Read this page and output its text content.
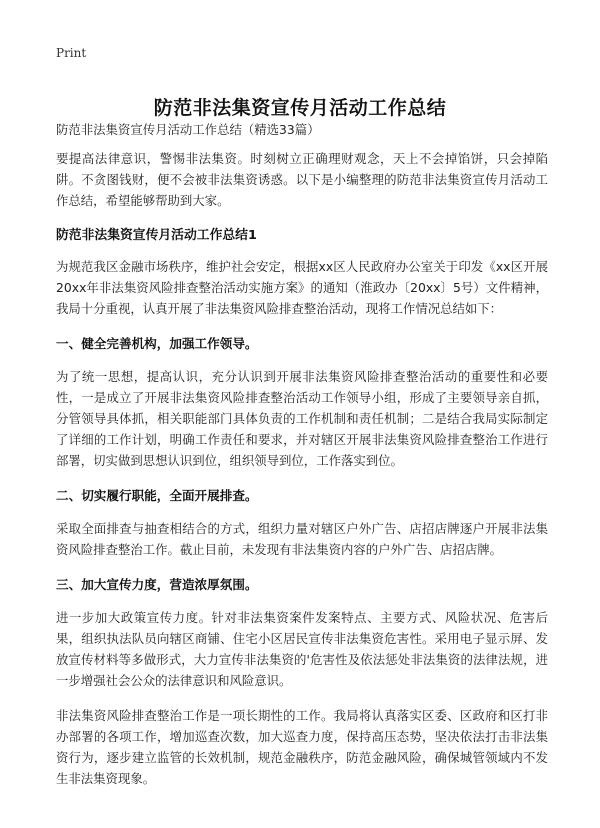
Print
防范非法集资宣传月活动工作总结

防范非法集资宣传月活动工作总结（精选33篇）

要提高法律意识，警惕非法集资。时刻树立正确理财观念，天上不会掉馅饼，只会掉陷阱。不贪图钱财，便不会被非法集资诱惑。以下是小编整理的防范非法集资宣传月活动工作总结，希望能够帮助到大家。

防范非法集资宣传月活动工作总结1

为规范我区金融市场秩序，维护社会安定，根据xx区人民政府办公室关于印发《xx区开展20xx年非法集资风险排查整治活动实施方案》的通知（淮政办〔20xx〕5号）文件精神，我局十分重视，认真开展了非法集资风险排查整治活动，现将工作情况总结如下：

一、健全完善机构，加强工作领导。

为了统一思想，提高认识，充分认识到开展非法集资风险排查整治活动的重要性和必要性，一是成立了开展非法集资风险排查整治活动工作领导小组，形成了主要领导亲自抓，分管领导具体抓，相关职能部门具体负责的工作机制和责任机制；二是结合我局实际制定了详细的工作计划，明确工作责任和要求，并对辖区开展非法集资风险排查整治工作进行部署，切实做到思想认识到位，组织领导到位，工作落实到位。

二、切实履行职能，全面开展排查。

采取全面排查与抽查相结合的方式，组织力量对辖区户外广告、店招店牌逐户开展非法集资风险排查整治工作。截止目前，未发现有非法集资内容的户外广告、店招店牌。

三、加大宣传力度，营造浓厚氛围。

进一步加大政策宣传力度。针对非法集资案件发案特点、主要方式、风险状况、危害后果，组织执法队员向辖区商铺、住宅小区居民宣传非法集资危害性。采用电子显示屏、发放宣传材料等多做形式，大力宣传非法集资的'危害性及依法惩处非法集资的法律法规，进一步增强社会公众的法律意识和风险意识。

非法集资风险排查整治工作是一项长期性的工作。我局将认真落实区委、区政府和区打非办部署的各项工作，增加巡查次数，加大巡查力度，保持高压态势，坚决依法打击非法集资行为，逐步建立监管的长效机制，规范金融秩序，防范金融风险，确保城管领域内不发生非法集资现象。
